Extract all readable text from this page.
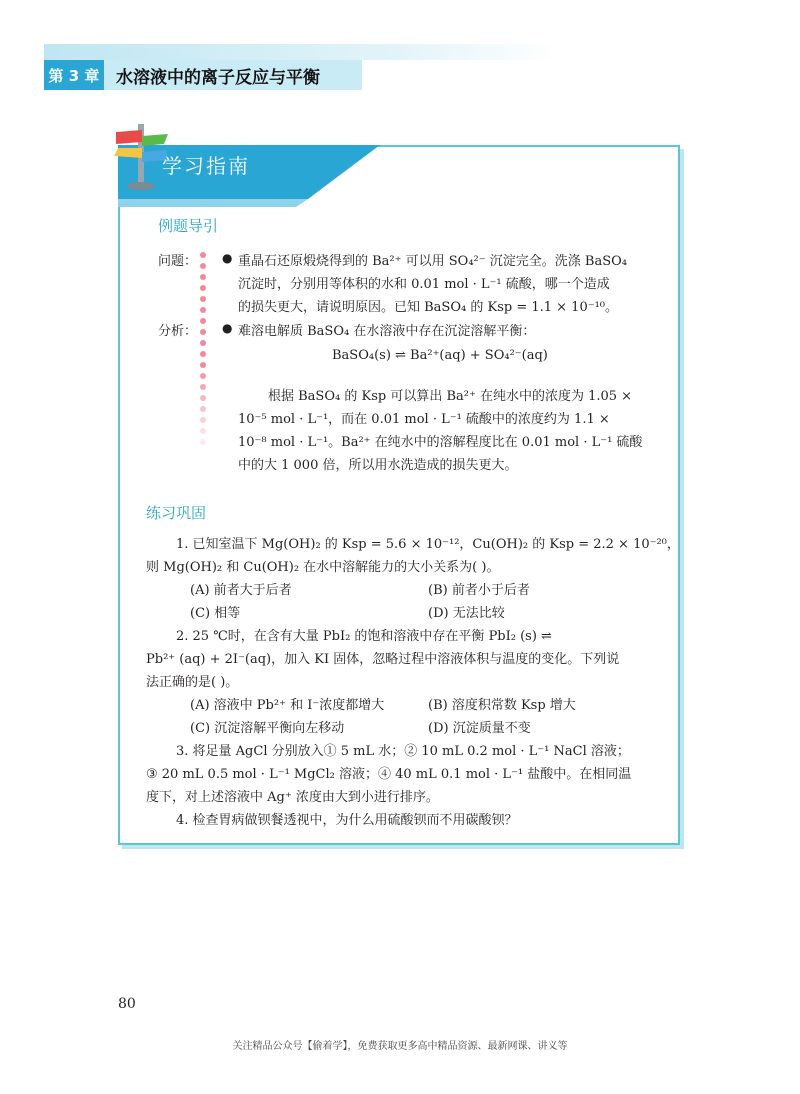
第 3 章 水溶液中的离子反应与平衡
学习指南
例题导引
问题： ● 重晶石还原煅烧得到的 Ba²⁺ 可以用 SO₄²⁻ 沉淀完全。洗涤 BaSO₄
沉淀时，分别用等体积的水和 0.01 mol · L⁻¹ 硫酸，哪一个造成
的损失更大，请说明原因。已知 BaSO₄ 的 Ksp = 1.1 × 10⁻¹⁰。
分析： ● 难溶电解质 BaSO₄ 在水溶液中存在沉淀溶解平衡：
BaSO₄(s) ⇌ Ba²⁺(aq) + SO₄²⁻(aq)
根据 BaSO₄ 的 Ksp 可以算出 Ba²⁺ 在纯水中的浓度为 1.05 ×
10⁻⁵ mol · L⁻¹，而在 0.01 mol · L⁻¹ 硫酸中的浓度约为 1.1 ×
10⁻⁸ mol · L⁻¹。Ba²⁺ 在纯水中的溶解程度比在 0.01 mol · L⁻¹ 硫酸
中的大 1 000 倍，所以用水洗造成的损失更大。
练习巩固
1. 已知室温下 Mg(OH)₂ 的 Ksp = 5.6 × 10⁻¹²，Cu(OH)₂ 的 Ksp = 2.2 × 10⁻²⁰，
则 Mg(OH)₂ 和 Cu(OH)₂ 在水中溶解能力的大小关系为( )。
(A) 前者大于后者	(B) 前者小于后者
(C) 相等	(D) 无法比较
2. 25 ℃时，在含有大量 PbI₂ 的饱和溶液中存在平衡 PbI₂ (s) ⇌
Pb²⁺ (aq) + 2I⁻(aq)，加入 KI 固体，忽略过程中溶液体积与温度的变化。下列说
法正确的是( )。
(A) 溶液中 Pb²⁺ 和 I⁻浓度都增大	(B) 溶度积常数 Ksp 增大
(C) 沉淀溶解平衡向左移动	(D) 沉淀质量不变
3. 将足量 AgCl 分别放入① 5 mL 水；② 10 mL 0.2 mol · L⁻¹ NaCl 溶液；
③ 20 mL 0.5 mol · L⁻¹ MgCl₂ 溶液；④ 40 mL 0.1 mol · L⁻¹ 盐酸中。在相同温
度下，对上述溶液中 Ag⁺ 浓度由大到小进行排序。
4. 检查胃病做钡餐透视中，为什么用硫酸钡而不用碳酸钡？
80
关注精品公众号【偷着学】，免费获取更多高中精品资源、最新网课、讲义等
